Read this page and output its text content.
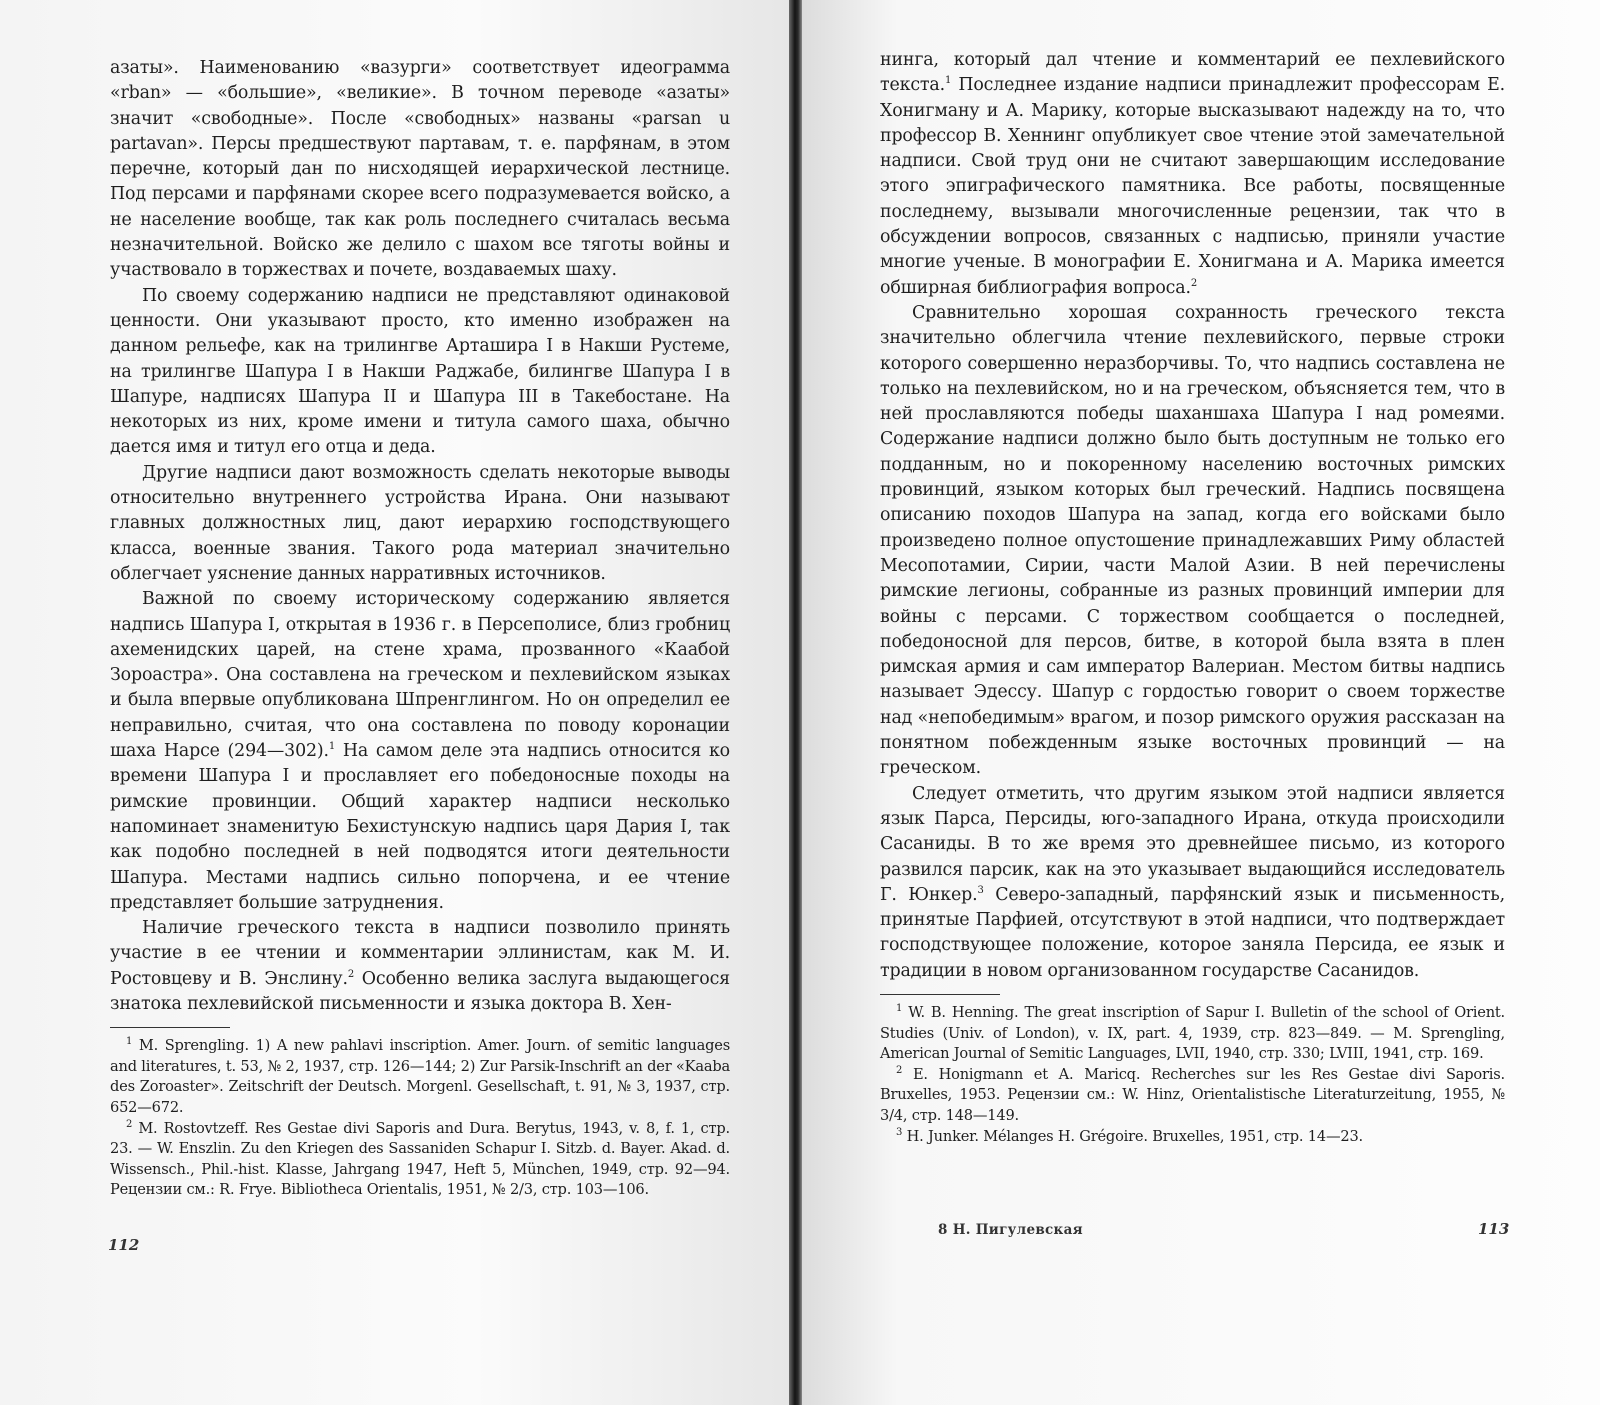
азаты». Наименованию «вазурги» соответствует идеограмма «rban» — «большие», «великие». В точном переводе «азаты» значит «свободные». После «свободных» названы «parsan u partavan». Персы предшествуют партавам, т. е. парфянам, в этом перечне, который дан по нисходящей иерархической лестнице. Под персами и парфянами скорее всего подразумевается войско, а не население вообще, так как роль последнего считалась весьма незначительной. Войско же делило с шахом все тяготы войны и участвовало в торжествах и почете, воздаваемых шаху.

По своему содержанию надписи не представляют одинаковой ценности. Они указывают просто, кто именно изображен на данном рельефе, как на трилингве Арташира I в Накши Рустеме, на трилингве Шапура I в Накши Раджабе, билингве Шапура I в Шапуре, надписях Шапура II и Шапура III в Такебостане. На некоторых из них, кроме имени и титула самого шаха, обычно дается имя и титул его отца и деда.

Другие надписи дают возможность сделать некоторые выводы относительно внутреннего устройства Ирана. Они называют главных должностных лиц, дают иерархию господствующего класса, военные звания. Такого рода материал значительно облегчает уяснение данных нарративных источников.

Важной по своему историческому содержанию является надпись Шапура I, открытая в 1936 г. в Персеполисе, близ гробниц ахеменидских царей, на стене храма, прозванного «Каабой Зороастра». Она составлена на греческом и пехлевийском языках и была впервые опубликована Шпренглингом. Но он определил ее неправильно, считая, что она составлена по поводу коронации шаха Нарсе (294—302).$^1$ На самом деле эта надпись относится ко времени Шапура I и прославляет его победоносные походы на римские провинции. Общий характер надписи несколько напоминает знаменитую Бехистунскую надпись царя Дария I, так как подобно последней в ней подводятся итоги деятельности Шапура. Местами надпись сильно попорчена, и ее чтение представляет большие затруднения.

Наличие греческого текста в надписи позволило принять участие в ее чтении и комментарии эллинистам, как М. И. Ростовцеву и В. Энслину.$^2$ Особенно велика заслуга выдающегося знатока пехлевийской письменности и языка доктора В. Хен-

$^1$ M. Sprengling. 1) A new pahlavi inscription. Amer. Journ. of semitic languages and literatures, t. 53, № 2, 1937, стр. 126—144; 2) Zur Parsik-Inschrift an der «Kaaba des Zoroaster». Zeitschrift der Deutsch. Morgenl. Gesellschaft, t. 91, № 3, 1937, стр. 652—672.

$^2$ M. Rostovtzeff. Res Gestae divi Saporis and Dura. Berytus, 1943, v. 8, f. 1, стр. 23. — W. Enszlin. Zu den Kriegen des Sassaniden Schapur I. Sitzb. d. Bayer. Akad. d. Wissensch., Phil.-hist. Klasse, Jahrgang 1947, Heft 5, München, 1949, стр. 92—94. Рецензии см.: R. Frye. Bibliotheca Orientalis, 1951, № 2/3, стр. 103—106.

112

нинга, который дал чтение и комментарий ее пехлевийского текста.$^1$ Последнее издание надписи принадлежит профессорам Е. Хонигману и А. Марику, которые высказывают надежду на то, что профессор В. Хеннинг опубликует свое чтение этой замечательной надписи. Свой труд они не считают завершающим исследование этого эпиграфического памятника. Все работы, посвященные последнему, вызывали многочисленные рецензии, так что в обсуждении вопросов, связанных с надписью, приняли участие многие ученые. В монографии Е. Хонигмана и А. Марика имеется обширная библиография вопроса.$^2$

Сравнительно хорошая сохранность греческого текста значительно облегчила чтение пехлевийского, первые строки которого совершенно неразборчивы. То, что надпись составлена не только на пехлевийском, но и на греческом, объясняется тем, что в ней прославляются победы шаханшаха Шапура I над ромеями. Содержание надписи должно было быть доступным не только его подданным, но и покоренному населению восточных римских провинций, языком которых был греческий. Надпись посвящена описанию походов Шапура на запад, когда его войсками было произведено полное опустошение принадлежавших Риму областей Месопотамии, Сирии, части Малой Азии. В ней перечислены римские легионы, собранные из разных провинций империи для войны с персами. С торжеством сообщается о последней, победоносной для персов, битве, в которой была взята в плен римская армия и сам император Валериан. Местом битвы надпись называет Эдессу. Шапур с гордостью говорит о своем торжестве над «непобедимым» врагом, и позор римского оружия рассказан на понятном побежденным языке восточных провинций — на греческом.

Следует отметить, что другим языком этой надписи является язык Парса, Персиды, юго-западного Ирана, откуда происходили Сасаниды. В то же время это древнейшее письмо, из которого развился парсик, как на это указывает выдающийся исследователь Г. Юнкер.$^3$ Северо-западный, парфянский язык и письменность, принятые Парфией, отсутствуют в этой надписи, что подтверждает господствующее положение, которое заняла Персида, ее язык и традиции в новом организованном государстве Сасанидов.

$^1$ W. B. Henning. The great inscription of Sapur I. Bulletin of the school of Orient. Studies (Univ. of London), v. IX, part. 4, 1939, стр. 823—849. — M. Sprengling, American Journal of Semitic Languages, LVII, 1940, стр. 330; LVIII, 1941, стр. 169.

$^2$ E. Honigmann et A. Maricq. Recherches sur les Res Gestae divi Saporis. Bruxelles, 1953. Рецензии см.: W. Hinz, Orientalistische Literaturzeitung, 1955, № 3/4, стр. 148—149.

$^3$ H. Junker. Mélanges H. Grégoire. Bruxelles, 1951, стр. 14—23.

8 Н. Пигулевская	113
